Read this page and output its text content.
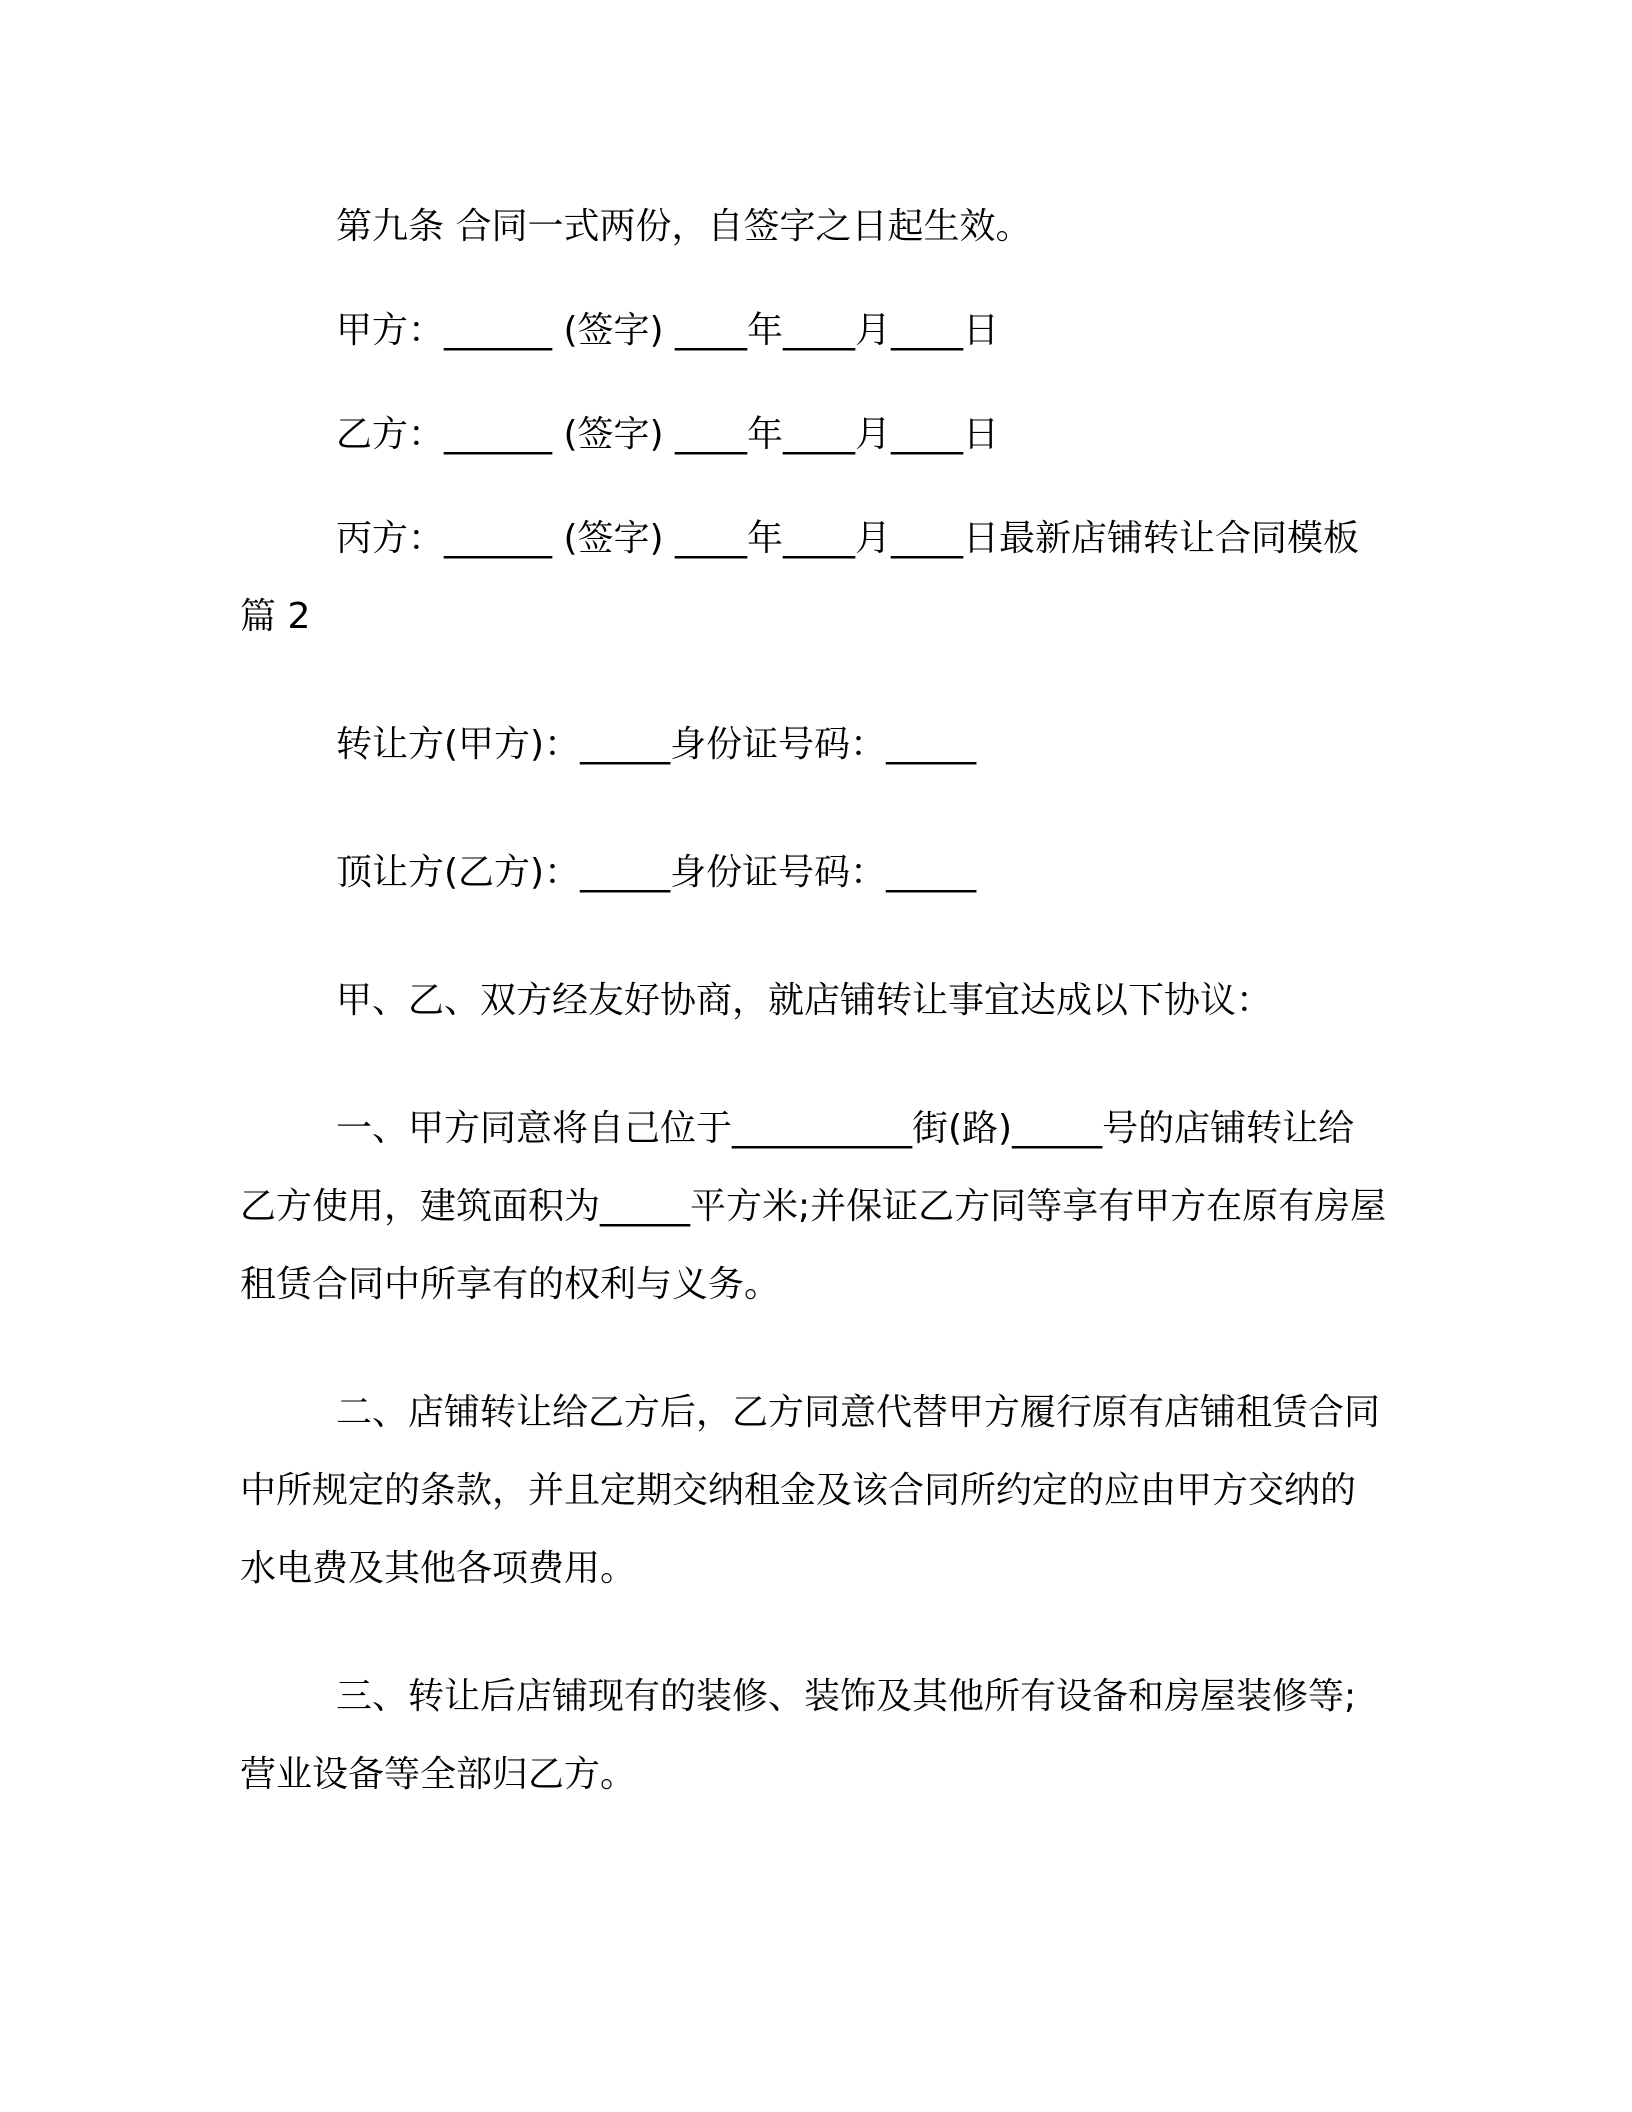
第九条 合同一式两份，自签字之日起生效。

甲方：______ (签字) ____年____月____日

乙方：______ (签字) ____年____月____日

丙方：______ (签字) ____年____月____日最新店铺转让合同模板 篇 2

转让方(甲方)：_____身份证号码：_____

顶让方(乙方)：_____身份证号码：_____

甲、乙、双方经友好协商，就店铺转让事宜达成以下协议：

一、甲方同意将自己位于__________街(路)_____号的店铺转让给乙方使用，建筑面积为_____平方米;并保证乙方同等享有甲方在原有房屋租赁合同中所享有的权利与义务。

二、店铺转让给乙方后，乙方同意代替甲方履行原有店铺租赁合同中所规定的条款，并且定期交纳租金及该合同所约定的应由甲方交纳的水电费及其他各项费用。

三、转让后店铺现有的装修、装饰及其他所有设备和房屋装修等;营业设备等全部归乙方。
